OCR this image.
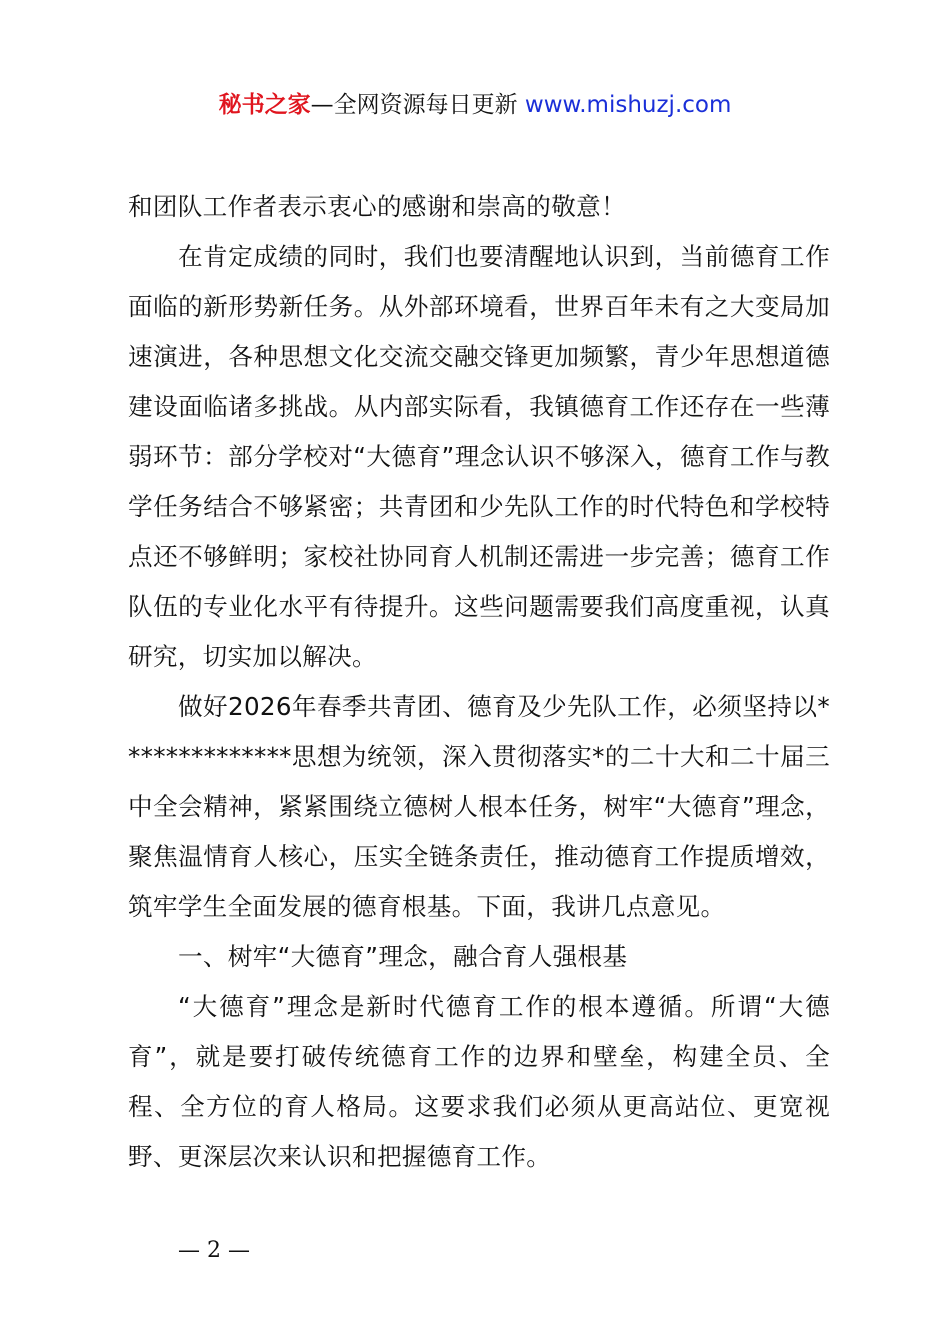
秘书之家—全网资源每日更新 www.mishuzj.com

和团队工作者表示衷心的感谢和崇高的敬意！

在肯定成绩的同时，我们也要清醒地认识到，当前德育工作面临的新形势新任务。从外部环境看，世界百年未有之大变局加速演进，各种思想文化交流交融交锋更加频繁，青少年思想道德建设面临诸多挑战。从内部实际看，我镇德育工作还存在一些薄弱环节：部分学校对“大德育”理念认识不够深入，德育工作与教学任务结合不够紧密；共青团和少先队工作的时代特色和学校特点还不够鲜明；家校社协同育人机制还需进一步完善；德育工作队伍的专业化水平有待提升。这些问题需要我们高度重视，认真研究，切实加以解决。

做好2026年春季共青团、德育及少先队工作，必须坚持以**************思想为统领，深入贯彻落实*的二十大和二十届三中全会精神，紧紧围绕立德树人根本任务，树牢“大德育”理念，聚焦温情育人核心，压实全链条责任，推动德育工作提质增效，筑牢学生全面发展的德育根基。下面，我讲几点意见。

一、树牢“大德育”理念，融合育人强根基

“大德育”理念是新时代德育工作的根本遵循。所谓“大德育”，就是要打破传统德育工作的边界和壁垒，构建全员、全程、全方位的育人格局。这要求我们必须从更高站位、更宽视野、更深层次来认识和把握德育工作。

— 2 —
